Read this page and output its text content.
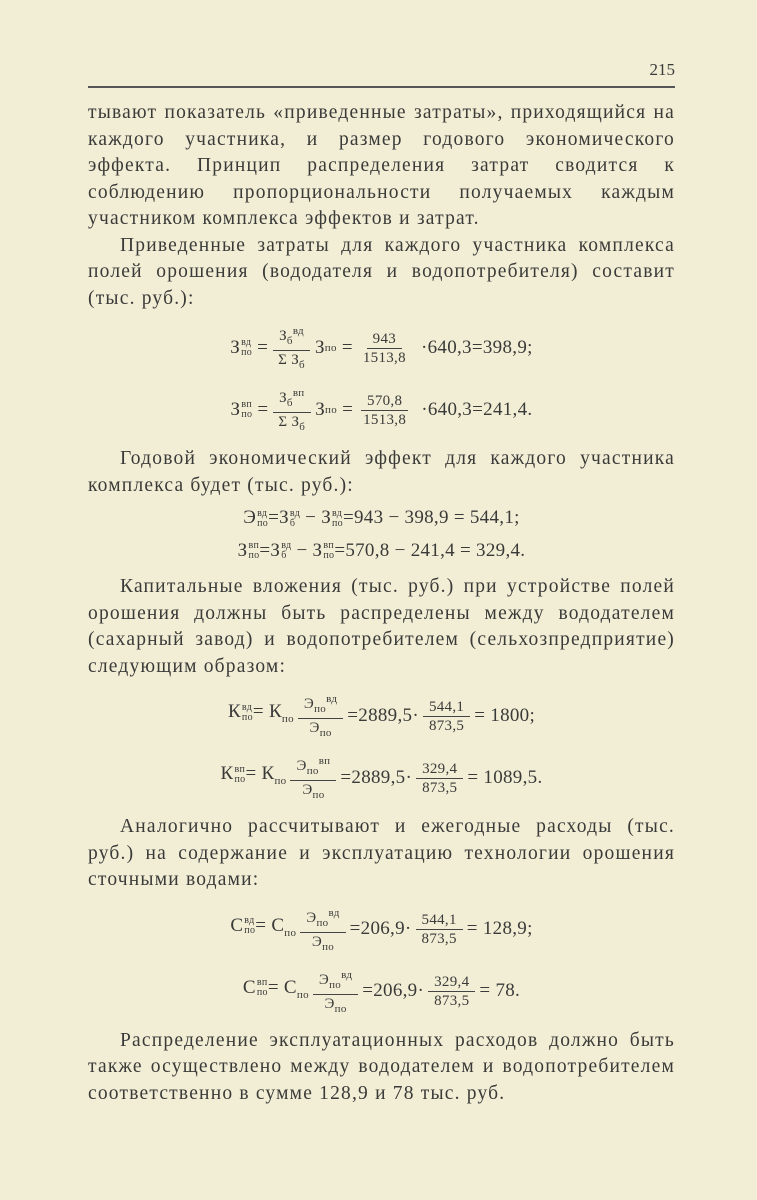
215

тывают показатель «приведенные затраты», приходящийся на каждого участника, и размер годового экономического эффекта. Принцип распределения затрат сводится к соблюдению пропорциональности получаемых каждым участником комплекса эффектов и затрат.

Приведенные затраты для каждого участника комплекса полей орошения (вододателя и водопотребителя) составит (тыс. руб.):

З вд
по = $\frac{З_б^{вд}}{\Sigma З_б}$ З по = $\frac{943}{1513,8}$
·640,3 =398,9;
З вп
по = $\frac{З_б^{вп}}{\Sigma З_б}$ З по = $\frac{570,8}{1513,8}$
·640,3 =241,4.

Годовой экономический эффект для каждого участника комплекса будет (тыс. руб.):

Э вд
по =З вд
б − З вд
по =943 − 398,9 = 544,1;
З вп
по =З вд
б − З вп
по =570,8 − 241,4 = 329,4.

Капитальные вложения (тыс. руб.) при устройстве полей орошения должны быть распределены между вододателем (сахарный завод) и водопотребителем (сельхозпредприятие) следующим образом:

К вд
по = $К_{по} \frac{Э_{по}^{вд}}{Э_{по}} =2889,5\cdot \frac{544,1}{873,5} = 1800$;
К вп
по = $К_{по} \frac{Э_{по}^{вп}}{Э_{по}} =2889,5\cdot \frac{329,4}{873,5} = 1089,5$.

Аналогично рассчитывают и ежегодные расходы (тыс. руб.) на содержание и эксплуатацию технологии орошения сточными водами:

С вд
по = $С_{по} \frac{Э_{по}^{вд}}{Э_{по}} =206,9\cdot \frac{544,1}{873,5} = 128,9$;
С вп
по = $С_{по} \frac{Э_{по}^{вд}}{Э_{по}} =206,9\cdot \frac{329,4}{873,5} = 78$.

Распределение эксплуатационных расходов должно быть также осуществлено между вододателем и водопотребителем соответственно в сумме 128,9 и 78 тыс. руб.
